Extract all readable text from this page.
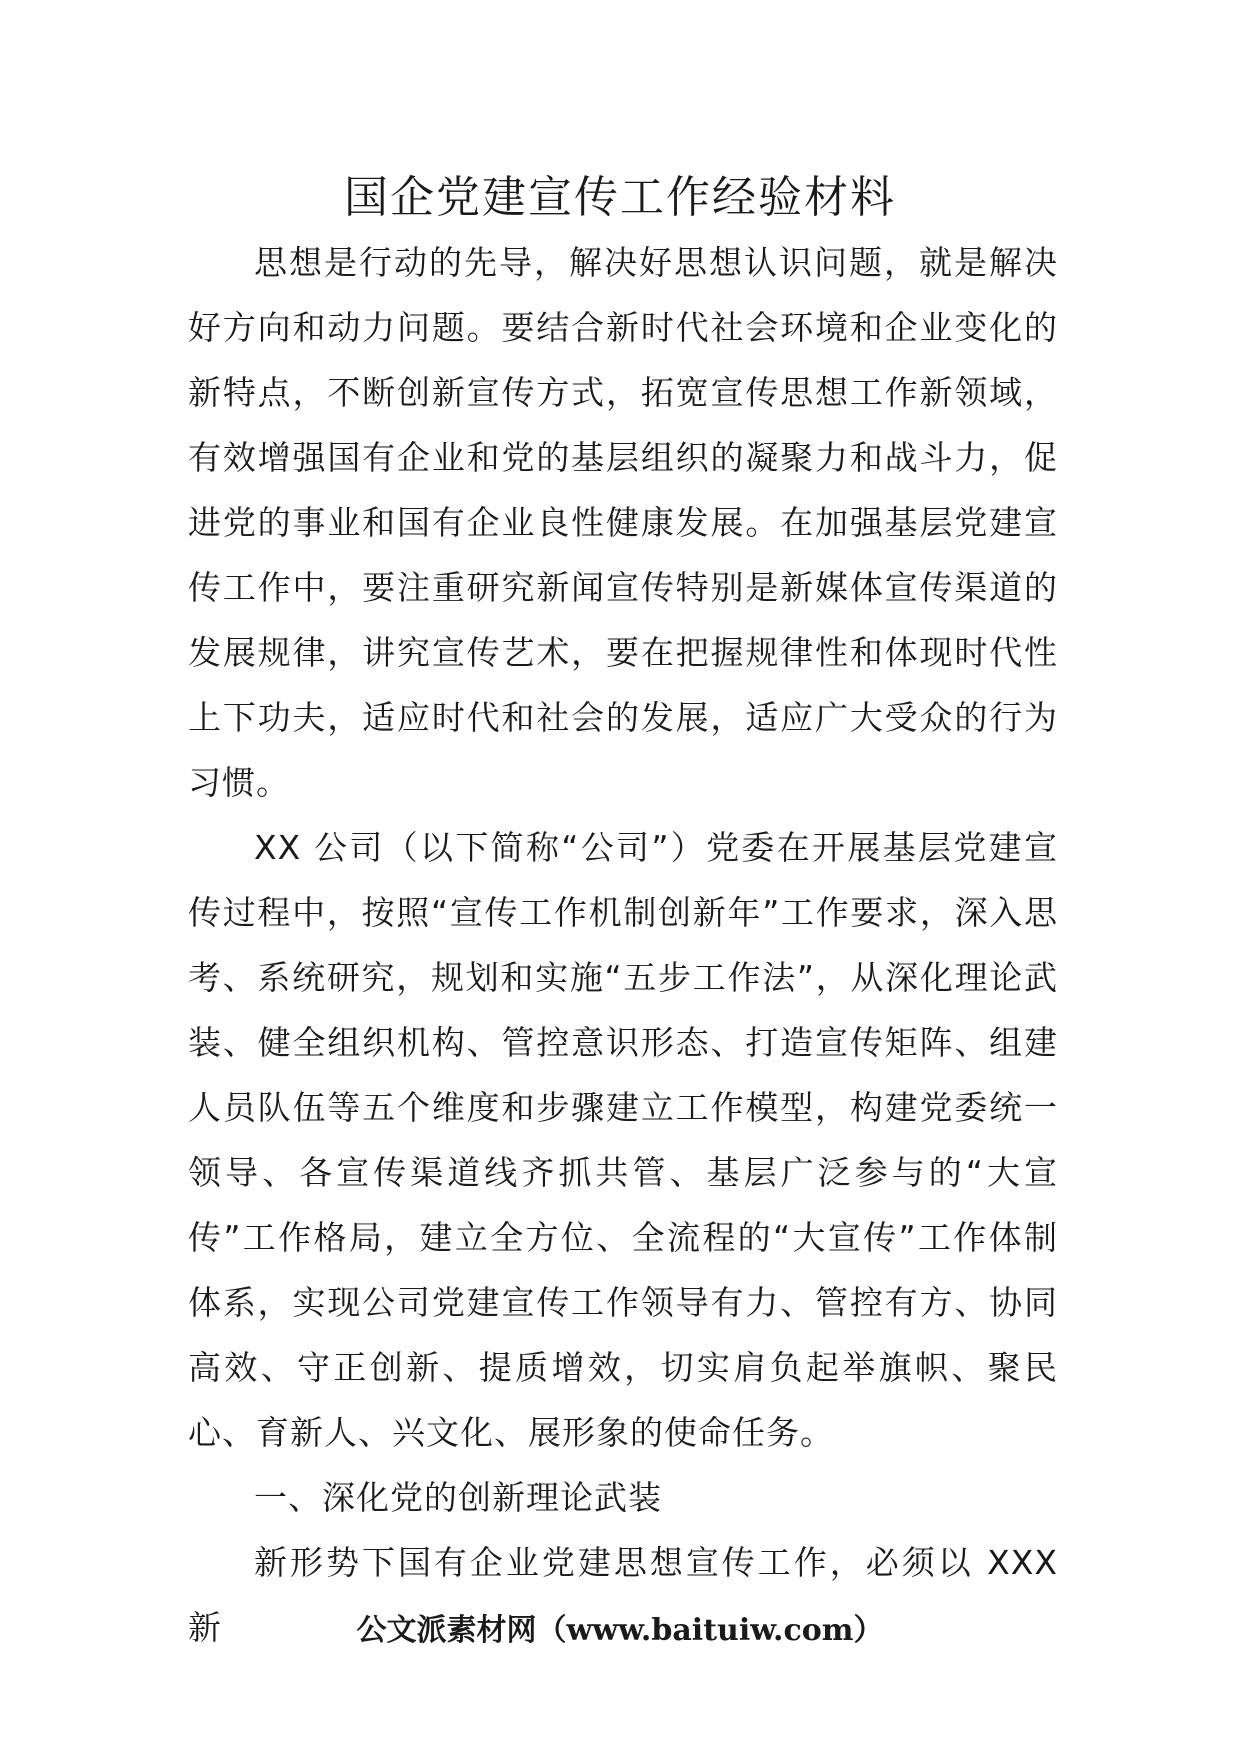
国企党建宣传工作经验材料

思想是行动的先导，解决好思想认识问题，就是解决好方向和动力问题。要结合新时代社会环境和企业变化的新特点，不断创新宣传方式，拓宽宣传思想工作新领域，有效增强国有企业和党的基层组织的凝聚力和战斗力，促进党的事业和国有企业良性健康发展。在加强基层党建宣传工作中，要注重研究新闻宣传特别是新媒体宣传渠道的发展规律，讲究宣传艺术，要在把握规律性和体现时代性上下功夫，适应时代和社会的发展，适应广大受众的行为习惯。

XX 公司（以下简称“公司”）党委在开展基层党建宣传过程中，按照“宣传工作机制创新年”工作要求，深入思考、系统研究，规划和实施“五步工作法”，从深化理论武装、健全组织机构、管控意识形态、打造宣传矩阵、组建人员队伍等五个维度和步骤建立工作模型，构建党委统一领导、各宣传渠道线齐抓共管、基层广泛参与的“大宣传”工作格局，建立全方位、全流程的“大宣传”工作体制体系，实现公司党建宣传工作领导有力、管控有方、协同高效、守正创新、提质增效，切实肩负起举旗帜、聚民心、育新人、兴文化、展形象的使命任务。

一、深化党的创新理论武装

新形势下国有企业党建思想宣传工作，必须以 XXX 新	公文派素材网（www.baituiw.com）
